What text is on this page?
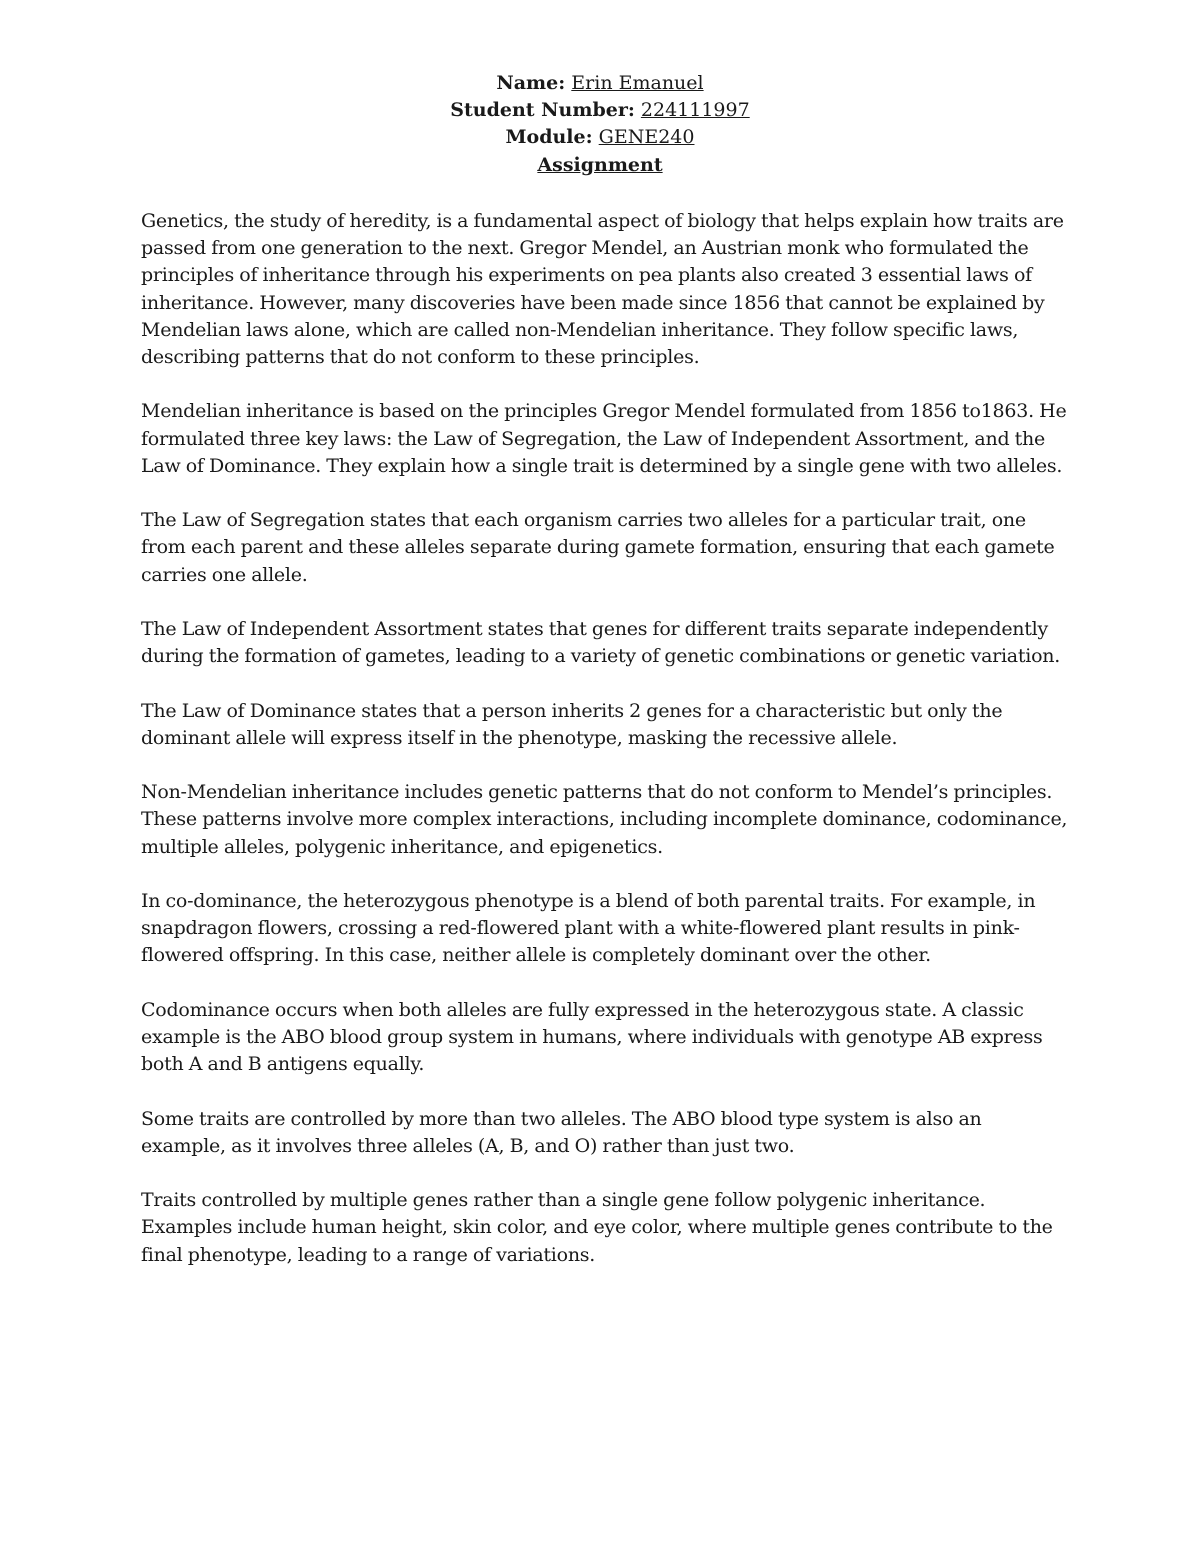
Name: Erin Emanuel
Student Number: 224111997
Module: GENE240
Assignment

Genetics, the study of heredity, is a fundamental aspect of biology that helps explain how traits are passed from one generation to the next. Gregor Mendel, an Austrian monk who formulated the principles of inheritance through his experiments on pea plants also created 3 essential laws of inheritance. However, many discoveries have been made since 1856 that cannot be explained by Mendelian laws alone, which are called non-Mendelian inheritance. They follow specific laws, describing patterns that do not conform to these principles.

Mendelian inheritance is based on the principles Gregor Mendel formulated from 1856 to1863. He formulated three key laws: the Law of Segregation, the Law of Independent Assortment, and the Law of Dominance. They explain how a single trait is determined by a single gene with two alleles.

The Law of Segregation states that each organism carries two alleles for a particular trait, one from each parent and these alleles separate during gamete formation, ensuring that each gamete carries one allele.

The Law of Independent Assortment states that genes for different traits separate independently during the formation of gametes, leading to a variety of genetic combinations or genetic variation.

The Law of Dominance states that a person inherits 2 genes for a characteristic but only the dominant allele will express itself in the phenotype, masking the recessive allele.

Non-Mendelian inheritance includes genetic patterns that do not conform to Mendel’s principles. These patterns involve more complex interactions, including incomplete dominance, codominance, multiple alleles, polygenic inheritance, and epigenetics.

In co-dominance, the heterozygous phenotype is a blend of both parental traits. For example, in snapdragon flowers, crossing a red-flowered plant with a white-flowered plant results in pink-flowered offspring. In this case, neither allele is completely dominant over the other.

Codominance occurs when both alleles are fully expressed in the heterozygous state. A classic example is the ABO blood group system in humans, where individuals with genotype AB express both A and B antigens equally.

Some traits are controlled by more than two alleles. The ABO blood type system is also an example, as it involves three alleles (A, B, and O) rather than just two.

Traits controlled by multiple genes rather than a single gene follow polygenic inheritance. Examples include human height, skin color, and eye color, where multiple genes contribute to the final phenotype, leading to a range of variations.
